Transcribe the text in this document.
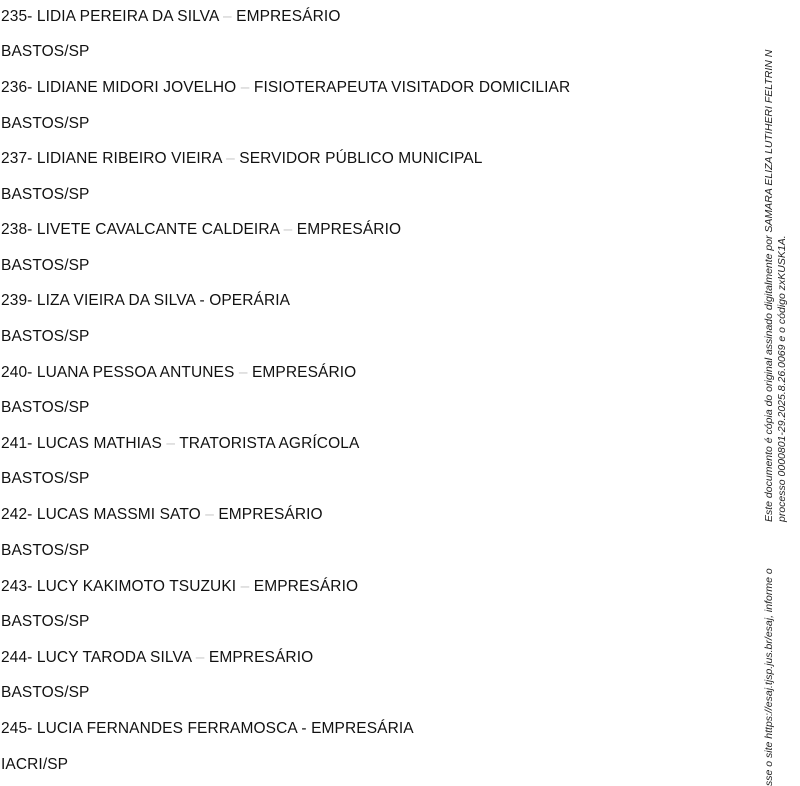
235- LIDIA PEREIRA DA SILVA – EMPRESÁRIO
BASTOS/SP
236- LIDIANE MIDORI JOVELHO – FISIOTERAPEUTA VISITADOR DOMICILIAR
BASTOS/SP
237- LIDIANE RIBEIRO VIEIRA – SERVIDOR PÚBLICO MUNICIPAL
BASTOS/SP
238- LIVETE CAVALCANTE CALDEIRA – EMPRESÁRIO
BASTOS/SP
239- LIZA VIEIRA DA SILVA - OPERÁRIA
BASTOS/SP
240- LUANA PESSOA ANTUNES – EMPRESÁRIO
BASTOS/SP
241- LUCAS MATHIAS – TRATORISTA AGRÍCOLA
BASTOS/SP
242- LUCAS MASSMI SATO – EMPRESÁRIO
BASTOS/SP
243- LUCY KAKIMOTO TSUZUKI – EMPRESÁRIO
BASTOS/SP
244- LUCY TARODA SILVA – EMPRESÁRIO
BASTOS/SP
245- LUCIA FERNANDES FERRAMOSCA - EMPRESÁRIA
IACRI/SP
Este documento é cópia do original assinado digitalmente por SAMARA ELIZA LUTIHERI FELTRIN N processo 0000801-29.2025.8.26.0069 e o código zxKUSK1A.
sse o site https://esaj.tjsp.jus.br/esaj, informe o
